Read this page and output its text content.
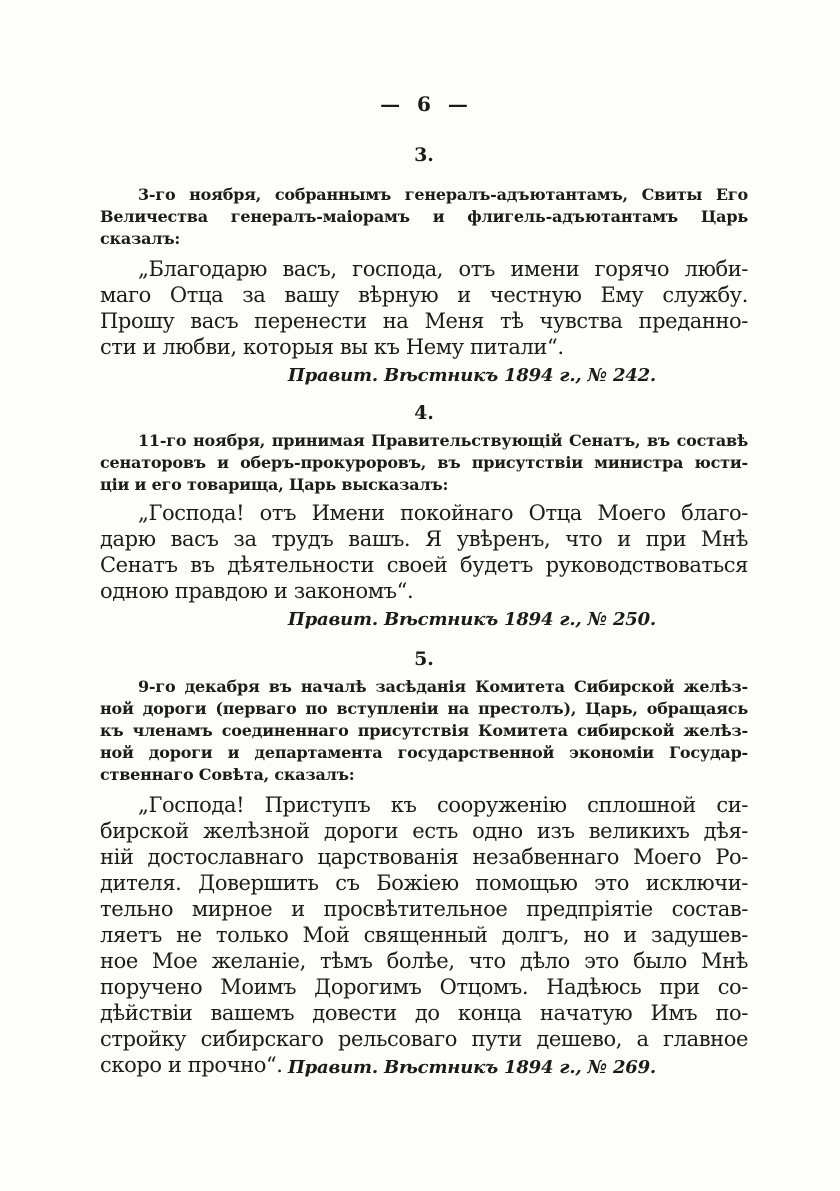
— 6 —
3.
3-го ноября, собраннымъ генералъ-адъютантамъ, Свиты Его
Величества генералъ-маіорамъ и флигель-адъютантамъ Царь
сказалъ:
„Благодарю васъ, господа, отъ имени горячо люби-
маго Отца за вашу вѣрную и честную Ему службу.
Прошу васъ перенести на Меня тѣ чувства преданно-
сти и любви, которыя вы къ Нему питали“.
Правит. Вѣстникъ 1894 г., № 242.
4.
11-го ноября, принимая Правительствующій Сенатъ, въ составѣ
сенаторовъ и оберъ-прокуроровъ, въ присутствіи министра юсти-
ціи и его товарища, Царь высказалъ:
„Господа! отъ Имени покойнаго Отца Моего благо-
дарю васъ за трудъ вашъ. Я увѣренъ, что и при Мнѣ
Сенатъ въ дѣятельности своей будетъ руководствоваться
одною правдою и закономъ“.
Правит. Вѣстникъ 1894 г., № 250.
5.
9-го декабря въ началѣ засѣданія Комитета Сибирской желѣз-
ной дороги (перваго по вступленіи на престолъ), Царь, обращаясь
къ членамъ соединеннаго присутствія Комитета сибирской желѣз-
ной дороги и департамента государственной экономіи Государ-
ственнаго Совѣта, сказалъ:
„Господа! Приступъ къ сооруженію сплошной си-
бирской желѣзной дороги есть одно изъ великихъ дѣя-
ній достославнаго царствованія незабвеннаго Моего Ро-
дителя. Довершить съ Божіею помощью это исключи-
тельно мирное и просвѣтительное предпріятіе состав-
ляетъ не только Мой священный долгъ, но и задушев-
ное Мое желаніе, тѣмъ болѣе, что дѣло это было Мнѣ
поручено Моимъ Дорогимъ Отцомъ. Надѣюсь при со-
дѣйствіи вашемъ довести до конца начатую Имъ по-
стройку сибирскаго рельсоваго пути дешево, а главное
скоро и прочно“. Правит. Вѣстникъ 1894 г., № 269.
